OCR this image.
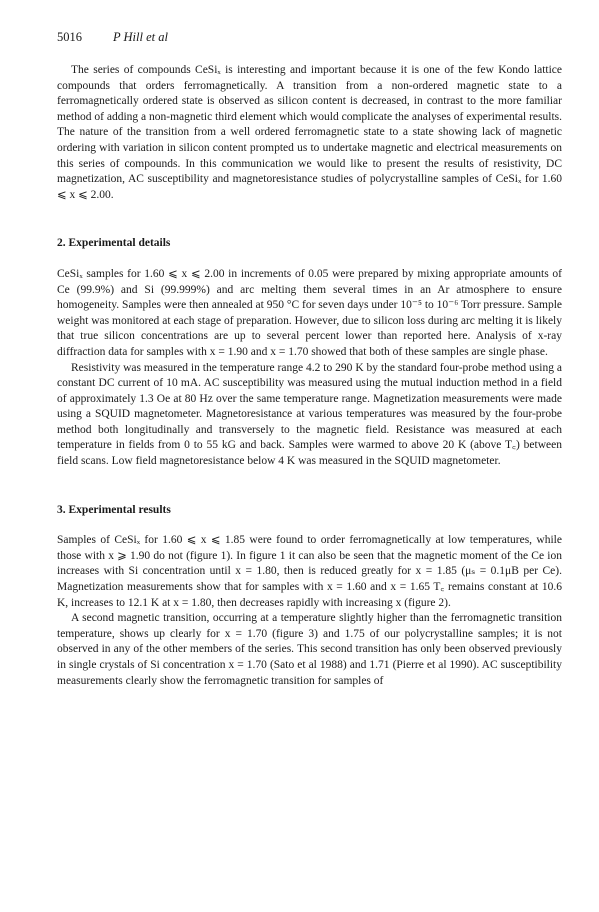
5016 P Hill et al

The series of compounds CeSiₓ is interesting and important because it is one of the few Kondo lattice compounds that orders ferromagnetically. A transition from a non-ordered magnetic state to a ferromagnetically ordered state is observed as silicon content is decreased, in contrast to the more familiar method of adding a non-magnetic third element which would complicate the analyses of experimental results. The nature of the transition from a well ordered ferromagnetic state to a state showing lack of magnetic ordering with variation in silicon content prompted us to undertake magnetic and electrical measurements on this series of compounds. In this communication we would like to present the results of resistivity, DC magnetization, AC susceptibility and magnetoresistance studies of polycrystalline samples of CeSiₓ for 1.60 ⩽ x ⩽ 2.00.

2. Experimental details

CeSiₓ samples for 1.60 ⩽ x ⩽ 2.00 in increments of 0.05 were prepared by mixing appropriate amounts of Ce (99.9%) and Si (99.999%) and arc melting them several times in an Ar atmosphere to ensure homogeneity. Samples were then annealed at 950 °C for seven days under 10⁻⁵ to 10⁻⁶ Torr pressure. Sample weight was monitored at each stage of preparation. However, due to silicon loss during arc melting it is likely that true silicon concentrations are up to several percent lower than reported here. Analysis of x-ray diffraction data for samples with x = 1.90 and x = 1.70 showed that both of these samples are single phase.

Resistivity was measured in the temperature range 4.2 to 290 K by the standard four-probe method using a constant DC current of 10 mA. AC susceptibility was measured using the mutual induction method in a field of approximately 1.3 Oe at 80 Hz over the same temperature range. Magnetization measurements were made using a SQUID magnetometer. Magnetoresistance at various temperatures was measured by the four-probe method both longitudinally and transversely to the magnetic field. Resistance was measured at each temperature in fields from 0 to 55 kG and back. Samples were warmed to above 20 K (above T꜀) between field scans. Low field magnetoresistance below 4 K was measured in the SQUID magnetometer.

3. Experimental results

Samples of CeSiₓ for 1.60 ⩽ x ⩽ 1.85 were found to order ferromagnetically at low temperatures, while those with x ⩾ 1.90 do not (figure 1). In figure 1 it can also be seen that the magnetic moment of the Ce ion increases with Si concentration until x = 1.80, then is reduced greatly for x = 1.85 (μₛ = 0.1μB per Ce). Magnetization measurements show that for samples with x = 1.60 and x = 1.65 T꜀ remains constant at 10.6 K, increases to 12.1 K at x = 1.80, then decreases rapidly with increasing x (figure 2).

A second magnetic transition, occurring at a temperature slightly higher than the ferromagnetic transition temperature, shows up clearly for x = 1.70 (figure 3) and 1.75 of our polycrystalline samples; it is not observed in any of the other members of the series. This second transition has only been observed previously in single crystals of Si concentration x = 1.70 (Sato et al 1988) and 1.71 (Pierre et al 1990). AC susceptibility measurements clearly show the ferromagnetic transition for samples of
